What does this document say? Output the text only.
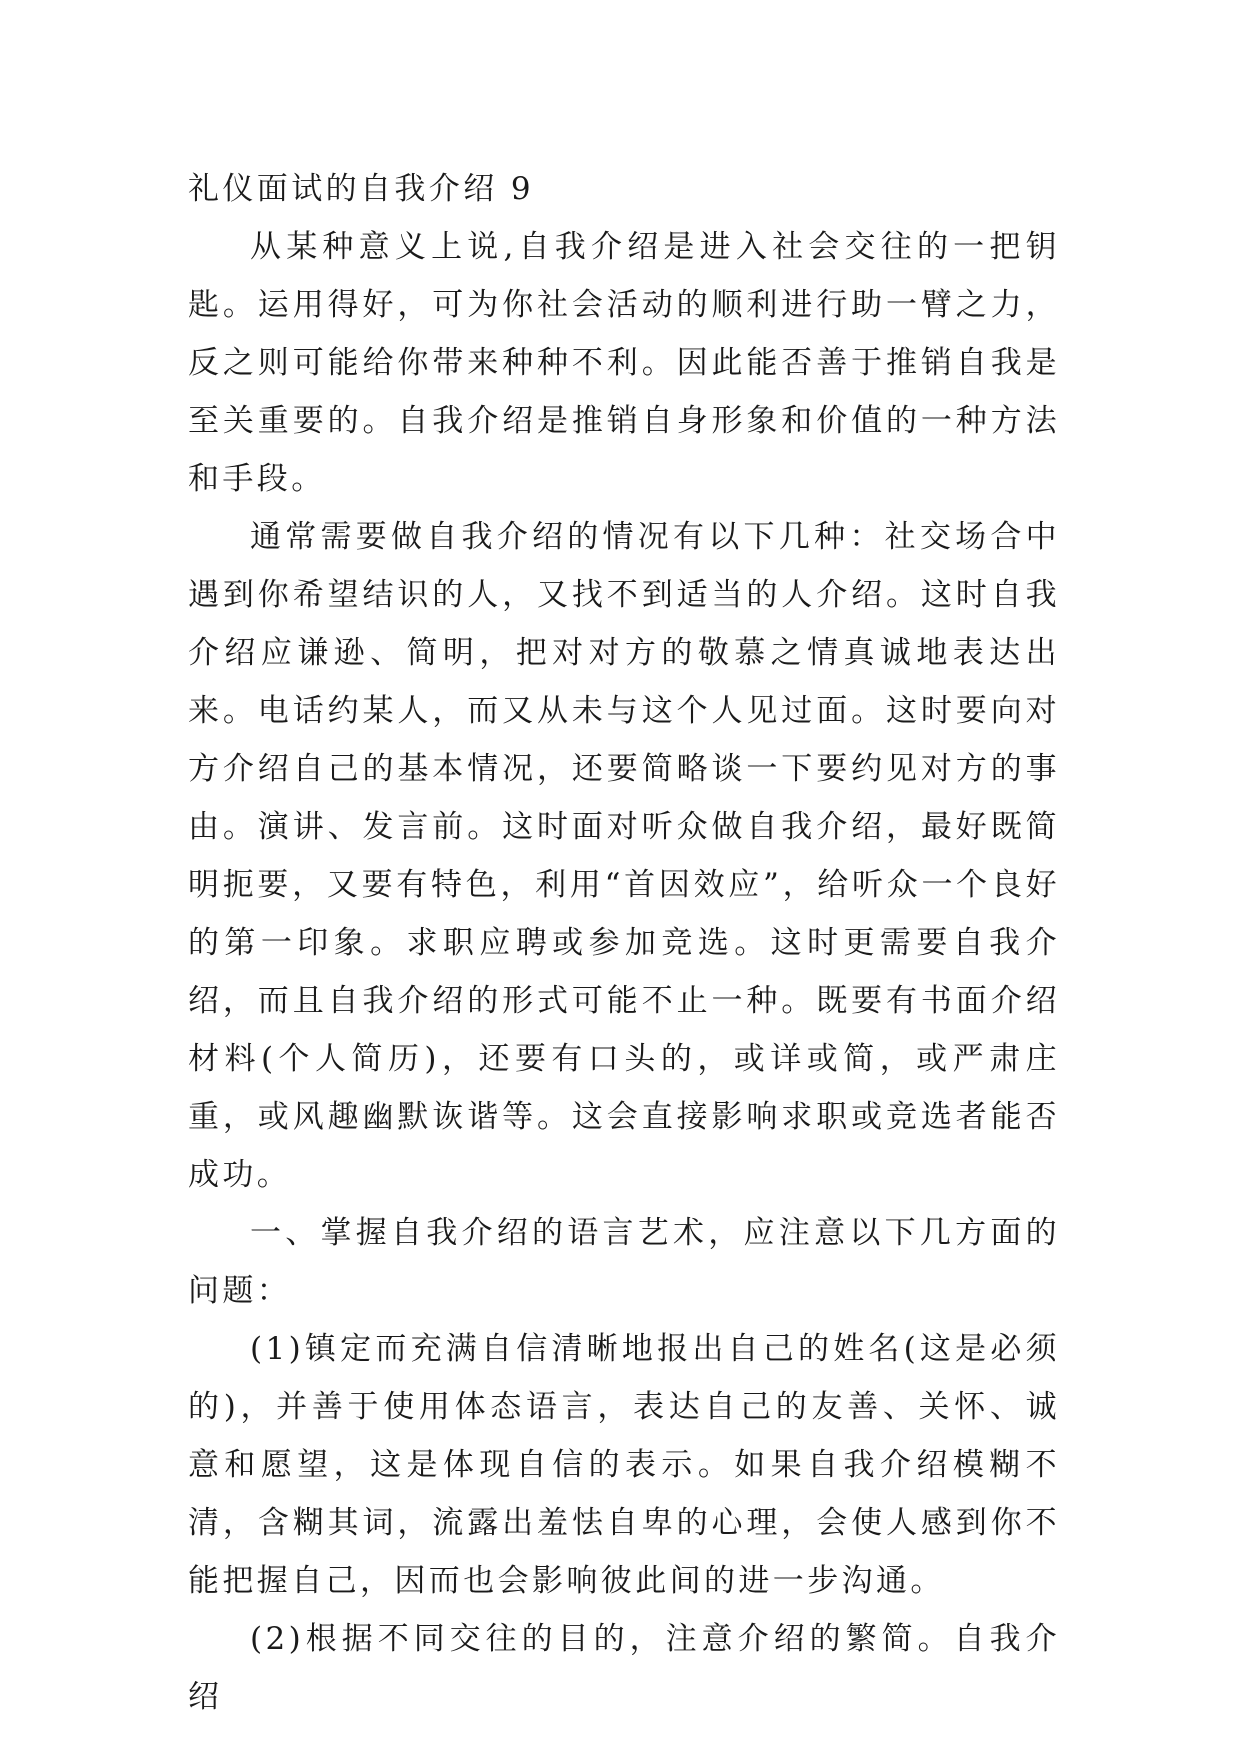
礼仪面试的自我介绍 9

从某种意义上说,自我介绍是进入社会交往的一把钥匙。运用得好，可为你社会活动的顺利进行助一臂之力，反之则可能给你带来种种不利。因此能否善于推销自我是至关重要的。自我介绍是推销自身形象和价值的一种方法和手段。

通常需要做自我介绍的情况有以下几种：社交场合中遇到你希望结识的人，又找不到适当的人介绍。这时自我介绍应谦逊、简明，把对对方的敬慕之情真诚地表达出来。电话约某人，而又从未与这个人见过面。这时要向对方介绍自己的基本情况，还要简略谈一下要约见对方的事由。演讲、发言前。这时面对听众做自我介绍，最好既简明扼要，又要有特色，利用“首因效应”，给听众一个良好的第一印象。求职应聘或参加竞选。这时更需要自我介绍，而且自我介绍的形式可能不止一种。既要有书面介绍材料(个人简历)，还要有口头的，或详或简，或严肃庄重，或风趣幽默诙谐等。这会直接影响求职或竞选者能否成功。

一、掌握自我介绍的语言艺术，应注意以下几方面的问题：

(1)镇定而充满自信清晰地报出自己的姓名(这是必须的)，并善于使用体态语言，表达自己的友善、关怀、诚意和愿望，这是体现自信的表示。如果自我介绍模糊不清，含糊其词，流露出羞怯自卑的心理，会使人感到你不能把握自己，因而也会影响彼此间的进一步沟通。

(2)根据不同交往的目的，注意介绍的繁简。自我介绍
